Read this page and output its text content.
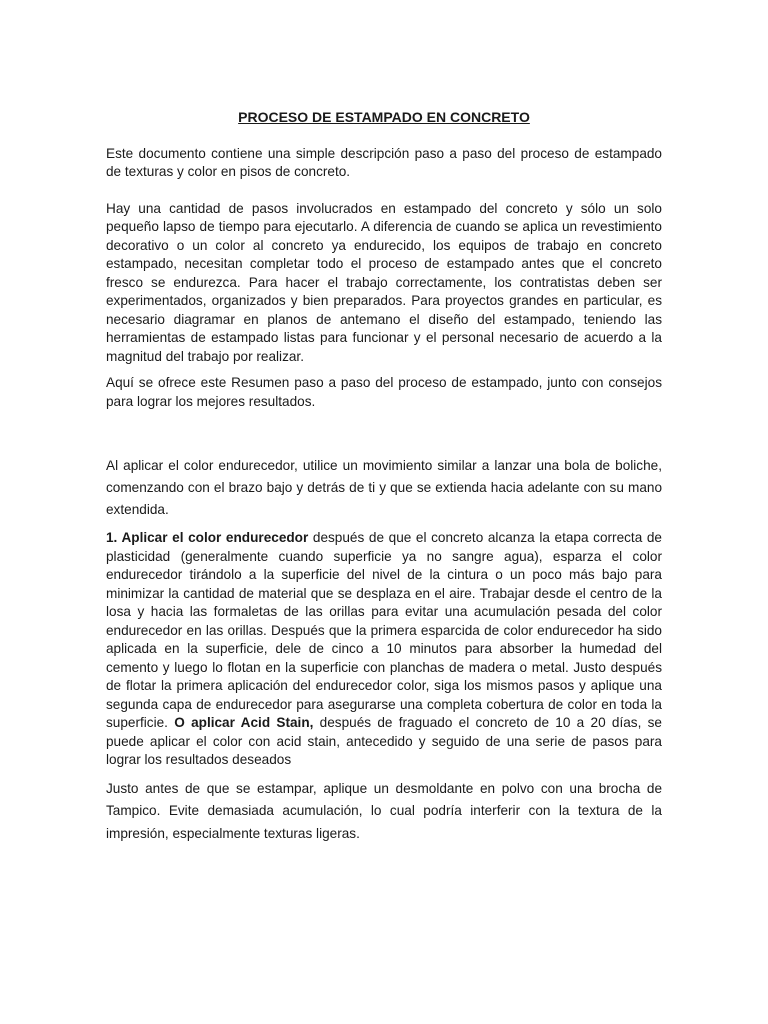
PROCESO DE ESTAMPADO EN CONCRETO

Este documento contiene una simple descripción paso a paso del proceso de estampado de texturas y color en pisos de concreto.

Hay una cantidad de pasos involucrados en estampado del concreto y sólo un solo pequeño lapso de tiempo para ejecutarlo. A diferencia de cuando se aplica un revestimiento decorativo o un color al concreto ya endurecido, los equipos de trabajo en concreto estampado, necesitan completar todo el proceso de estampado antes que el concreto fresco se endurezca. Para hacer el trabajo correctamente, los contratistas deben ser experimentados, organizados y bien preparados. Para proyectos grandes en particular, es necesario diagramar en planos de antemano el diseño del estampado, teniendo las herramientas de estampado listas para funcionar y el personal necesario de acuerdo a la magnitud del trabajo por realizar.

Aquí se ofrece este Resumen paso a paso del proceso de estampado, junto con consejos para lograr los mejores resultados.

Al aplicar el color endurecedor, utilice un movimiento similar a lanzar una bola de boliche, comenzando con el brazo bajo y detrás de ti y que se extienda hacia adelante con su mano extendida.

1. Aplicar el color endurecedor después de que el concreto alcanza la etapa correcta de plasticidad (generalmente cuando superficie ya no sangre agua), esparza el color endurecedor tirándolo a la superficie del nivel de la cintura o un poco más bajo para minimizar la cantidad de material que se desplaza en el aire. Trabajar desde el centro de la losa y hacia las formaletas de las orillas para evitar una acumulación pesada del color endurecedor en las orillas. Después que la primera esparcida de color endurecedor ha sido aplicada en la superficie, dele de cinco a 10 minutos para absorber la humedad del cemento y luego lo flotan en la superficie con planchas de madera o metal. Justo después de flotar la primera aplicación del endurecedor color, siga los mismos pasos y aplique una segunda capa de endurecedor para asegurarse una completa cobertura de color en toda la superficie. O aplicar Acid Stain, después de fraguado el concreto de 10 a 20 días, se puede aplicar el color con acid stain, antecedido y seguido de una serie de pasos para lograr los resultados deseados

Justo antes de que se estampar, aplique un desmoldante en polvo con una brocha de Tampico. Evite demasiada acumulación, lo cual podría interferir con la textura de la impresión, especialmente texturas ligeras.
